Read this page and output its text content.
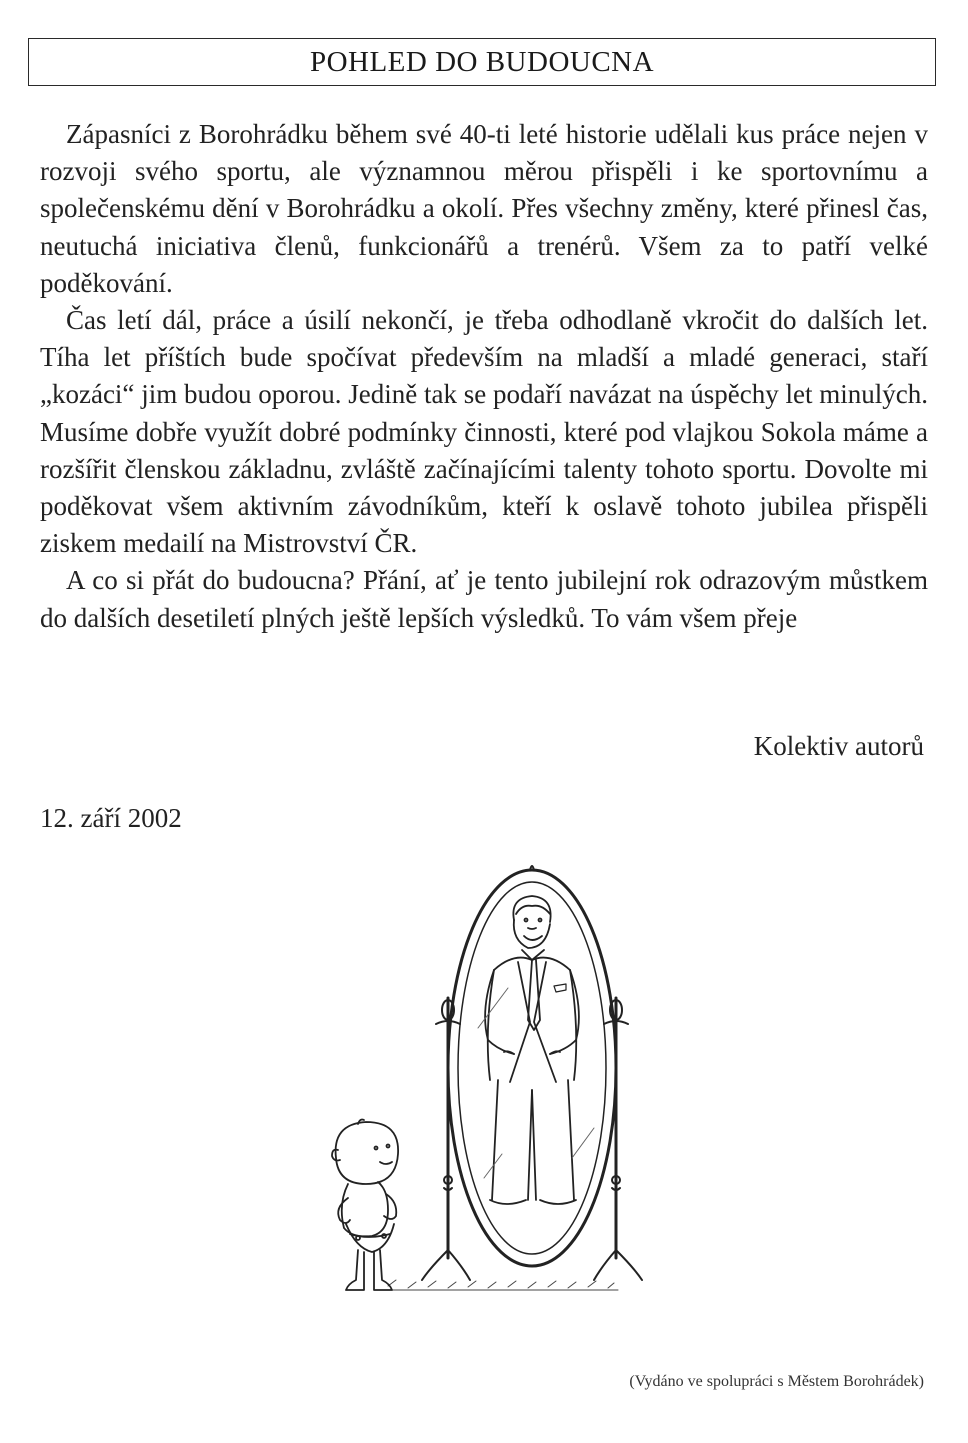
POHLED DO BUDOUCNA

Zápasníci z Borohrádku během své 40-ti leté historie udělali kus práce nejen v rozvoji svého sportu, ale významnou měrou přispěli i ke sportovnímu a společenskému dění v Borohrádku a okolí. Přes všechny změny, které přinesl čas, neutuchá iniciativa členů, funkcionářů a trenérů. Všem za to patří velké poděkování.

Čas letí dál, práce a úsilí nekončí, je třeba odhodlaně vkročit do dalších let. Tíha let příštích bude spočívat především na mladší a mladé generaci, staří „kozáci“ jim budou oporou. Jedině tak se podaří navázat na úspěchy let minulých. Musíme dobře využít dobré podmínky činnosti, které pod vlajkou Sokola máme a rozšířit členskou základnu, zvláště začínajícími talenty tohoto sportu. Dovolte mi poděkovat všem aktivním závodníkům, kteří k oslavě tohoto jubilea přispěli ziskem medailí na Mistrovství ČR.

A co si přát do budoucna? Přání, ať je tento jubilejní rok odrazovým můstkem do dalších desetiletí plných ještě lepších výsledků. To vám všem přeje

Kolektiv autorů
12. září 2002
(Vydáno ve spolupráci s Městem Borohrádek)
